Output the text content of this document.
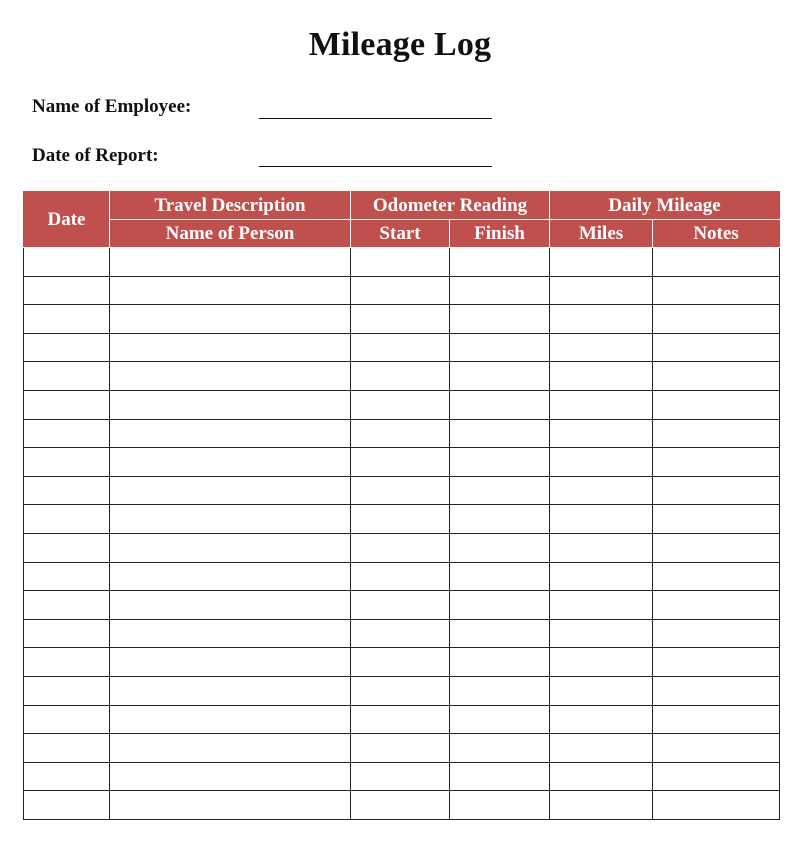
Mileage Log
Name of Employee:
Date of Report:
Date	Travel Description	Odometer Reading		Daily Mileage	
	Name of Person	Start	Finish	Miles	Notes
